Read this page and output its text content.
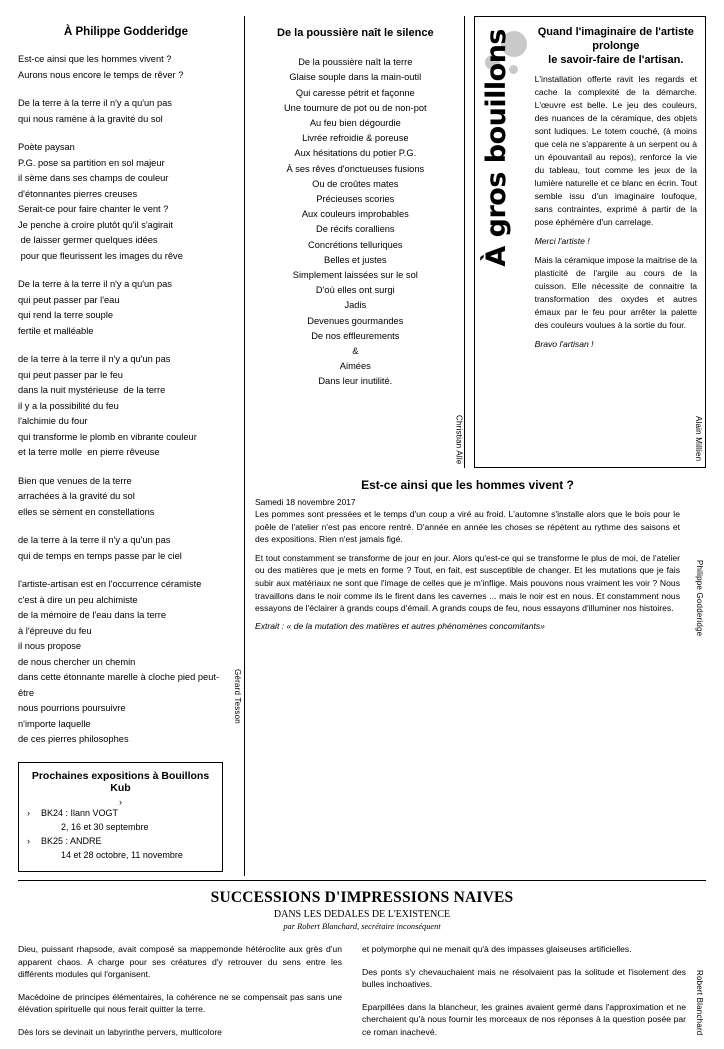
À Philippe Godderidge
Est-ce ainsi que les hommes vivent ?
Aurons nous encore le temps de rêver ?
De la terre à la terre il n'y a qu'un pas
qui nous ramène à la gravité du sol
Poète paysan
P.G. pose sa partition en sol majeur
il sème dans ses champs de couleur
d'étonnantes pierres creuses
Serait-ce pour faire chanter le vent ?
Je penche à croire plutôt qu'il s'agirait
de laisser germer quelques idées
pour que fleurissent les images du rêve
De la terre à la terre il n'y a qu'un pas
qui peut passer par l'eau
qui rend la terre souple
fertile et malléable
de la terre à la terre il n'y a qu'un pas
qui peut passer par le feu
dans la nuit mystérieuse  de la terre
il y a la possibilité du feu
l'alchimie du four
qui transforme le plomb en vibrante couleur
et la terre molle  en pierre rêveuse
Bien que venues de la terre
arrachées à la gravité du sol
elles se sèment en constellations
de la terre à la terre il n'y a qu'un pas
qui de temps en temps passe par le ciel
l'artiste-artisan est en l'occurrence céramiste
c'est à dire un peu alchimiste
de la mémoire de l'eau dans la terre
à l'épreuve du feu
il nous propose
de nous chercher un chemin
dans cette étonnante marelle à cloche pied peut-être
nous pourrions poursuivre
n'importe laquelle
de ces pierres philosophes
Gérard Tesson
Prochaines expositions à Bouillons Kub
›
›	BK24 : Ilann VOGT
2, 16 et 30 septembre
›	BK25 : ANDRE
14 et 28 octobre, 11 novembre
De la poussière naît le silence
De la poussière naît la terre
Glaise souple dans la main-outil
Qui caresse pétrit et façonne
Une tournure de pot ou de non-pot
Au feu bien dégourdie
Livrée refroidie & poreuse
Aux hésitations du potier P.G.
À ses rêves d'onctueuses fusions
Ou de croûtes mates
Précieuses scories
Aux couleurs improbables
De récifs coralliens
Concrétions telluriques
Belles et justes
Simplement laissées sur le sol
D'où elles ont surgi
Jadis
Devenues gourmandes
De nos effleurements
&
Aimées
Dans leur inutilité.
Christian Alle
À gros bouillons Quand l'imaginaire de l'artiste prolonge
le savoir-faire de l'artisan.

L'installation offerte ravit les regards et cache la complexité de la démarche. L'œuvre est belle. Le jeu des couleurs, des nuances de la céramique, des objets sont ludiques. Le totem couché, (à moins que cela ne s'apparente à un serpent ou à un épouvantail au repos), renforce la vie du tableau, tout comme les jeux de la lumière naturelle et ce blanc en écrin. Tout semble issu d'un imaginaire loufoque, sans contraintes, exprimé à partir de la pose éphémère d'un carrelage.

Merci l'artiste !

Mais la céramique impose la maitrise de la plasticité de l'argile au cours de la cuisson. Elle nécessite de connaitre la transformation des oxydes et autres émaux par le feu pour arrêter la palette des couleurs voulues à la sortie du four.

Bravo l'artisan !

Alain Millien
Est-ce ainsi que les hommes vivent ?
Samedi 18 novembre 2017

Les pommes sont pressées et le temps d'un coup a viré au froid. L'automne s'installe alors que le bois pour le poêle de l'atelier n'est pas encore rentré. D'année en année les choses se répètent au rythme des saisons et des expositions. Rien n'est jamais figé.

Et tout constamment se transforme de jour en jour. Alors qu'est-ce qui se transforme le plus de moi, de l'atelier ou des matières que je mets en forme ? Tout, en fait, est susceptible de changer. Et les mutations que je fais subir aux matériaux ne sont que l'image de celles que je m'inflige. Mais pouvons nous vraiment les voir ? Nous travaillons dans le noir comme ils le firent dans les cavernes ... mais le noir est en nous. Et constamment nous essayons de l'éclairer à grands coups d'émail. A grands coups de feu, nous essayons d'illuminer nos histoires.

Extrait : « de la mutation des matières et autres phénomènes concomitants»	Philippe Godderidge
SUCCESSIONS D'IMPRESSIONS NAIVES
DANS LES DEDALES DE L'EXISTENCE
par Robert Blanchard, secrétaire inconséquent

Dieu, puissant rhapsode, avait composé sa mappemonde hétéroclite aux grès d'un apparent chaos. A charge pour ses créatures d'y retrouver du sens entre les différents modules qui l'organisent.

Macédoine de principes élémentaires, la cohérence ne se compensait pas sans une élévation spirituelle qui nous ferait quitter la terre.

Dès lors se devinait un labyrinthe pervers, multicolore

et polymorphe qui ne menait qu'à des impasses glaiseuses artificielles.

Des ponts s'y chevauchaient mais ne résolvaient pas la solitude et l'isolement des bulles inchoatives.

Eparpillées dans la blancheur, les graines avaient germé dans l'approximation et ne cherchaient qu'à nous fournir les morceaux de nos réponses à la question posée par ce roman inachevé.	Robert Blanchard
